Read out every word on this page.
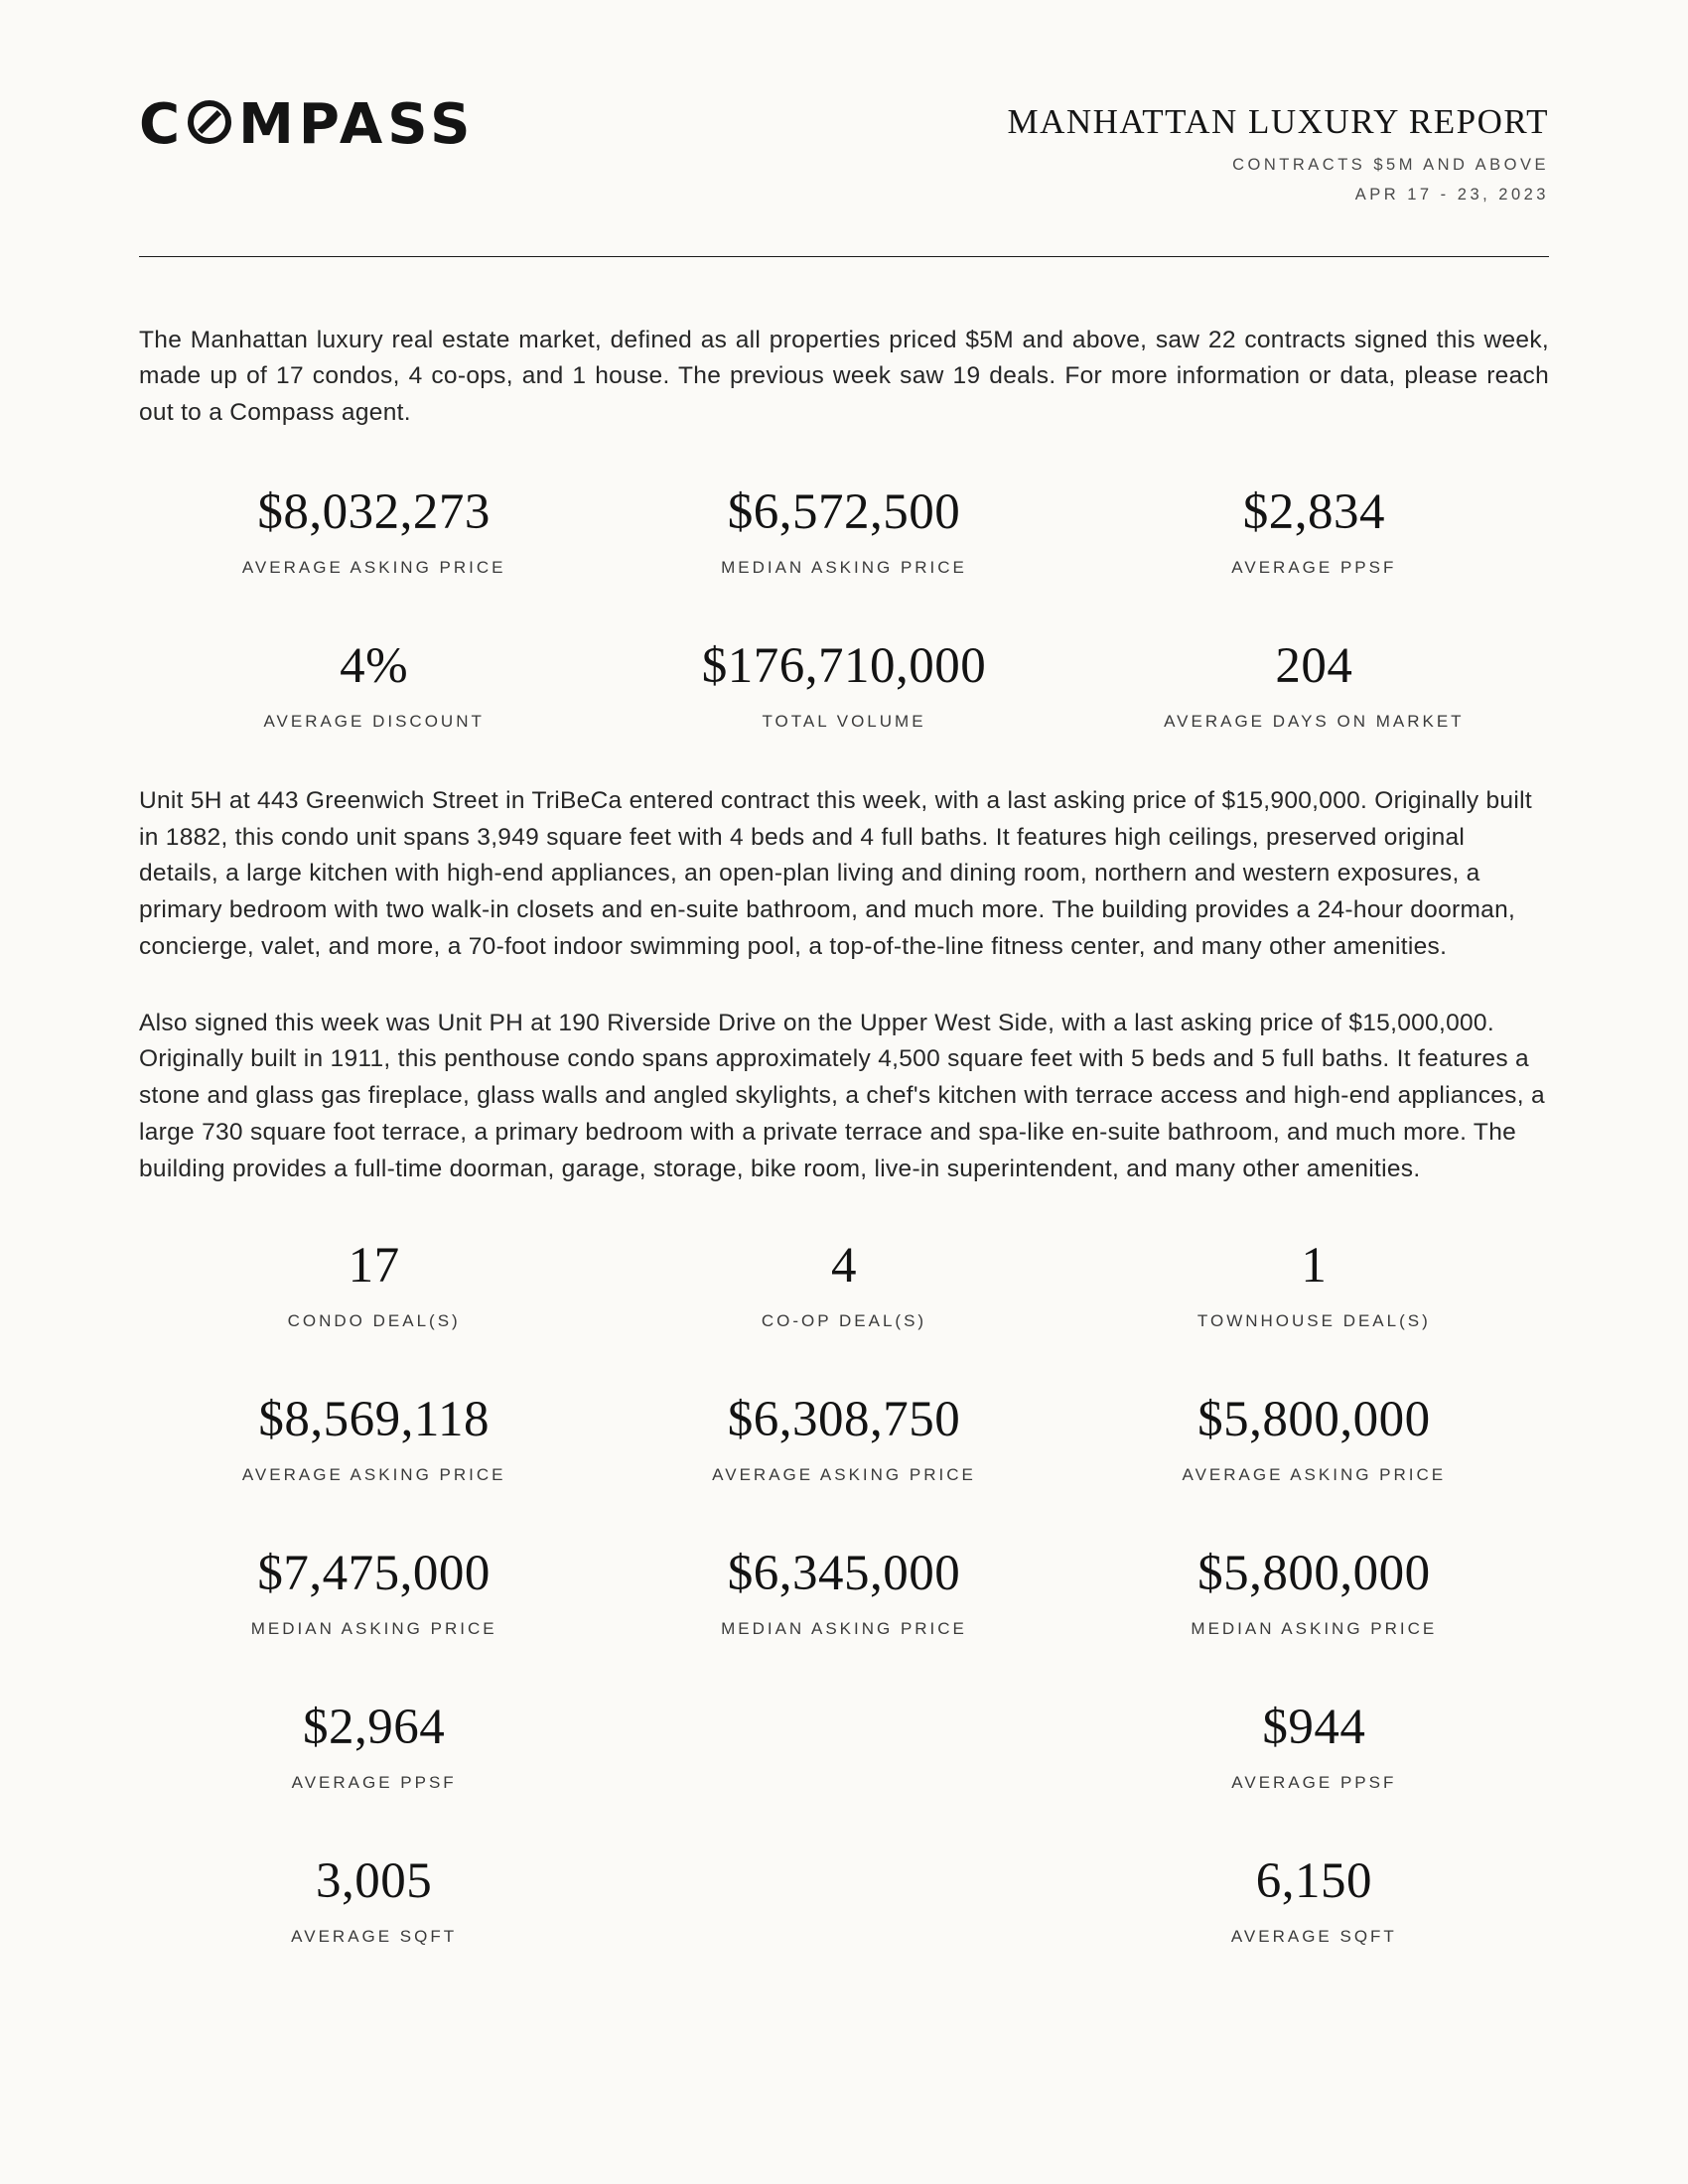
C MPASS	MANHATTAN LUXURY REPORT
CONTRACTS $5M AND ABOVE
APR 17 - 23, 2023

The Manhattan luxury real estate market, defined as all properties priced $5M and above, saw 22 contracts signed this week, made up of 17 condos, 4 co-ops, and 1 house. The previous week saw 19 deals. For more information or data, please reach out to a Compass agent.

$8,032,273
AVERAGE ASKING PRICE
$6,572,500
MEDIAN ASKING PRICE
$2,834
AVERAGE PPSF
4%
AVERAGE DISCOUNT
$176,710,000
TOTAL VOLUME
204
AVERAGE DAYS ON MARKET

Unit 5H at 443 Greenwich Street in TriBeCa entered contract this week, with a last asking price of $15,900,000. Originally built in 1882, this condo unit spans 3,949 square feet with 4 beds and 4 full baths. It features high ceilings, preserved original details, a large kitchen with high-end appliances, an open-plan living and dining room, northern and western exposures, a primary bedroom with two walk-in closets and en-suite bathroom, and much more. The building provides a 24-hour doorman, concierge, valet, and more, a 70-foot indoor swimming pool, a top-of-the-line fitness center, and many other amenities.

Also signed this week was Unit PH at 190 Riverside Drive on the Upper West Side, with a last asking price of $15,000,000. Originally built in 1911, this penthouse condo spans approximately 4,500 square feet with 5 beds and 5 full baths. It features a stone and glass gas fireplace, glass walls and angled skylights, a chef's kitchen with terrace access and high-end appliances, a large 730 square foot terrace, a primary bedroom with a private terrace and spa-like en-suite bathroom, and much more. The building provides a full-time doorman, garage, storage, bike room, live-in superintendent, and many other amenities.

17
CONDO DEAL(S)
4
CO-OP DEAL(S)
1
TOWNHOUSE DEAL(S)
$8,569,118
AVERAGE ASKING PRICE
$6,308,750
AVERAGE ASKING PRICE
$5,800,000
AVERAGE ASKING PRICE
$7,475,000
MEDIAN ASKING PRICE
$6,345,000
MEDIAN ASKING PRICE
$5,800,000
MEDIAN ASKING PRICE
$2,964
AVERAGE PPSF
$944
AVERAGE PPSF
3,005
AVERAGE SQFT
6,150
AVERAGE SQFT
